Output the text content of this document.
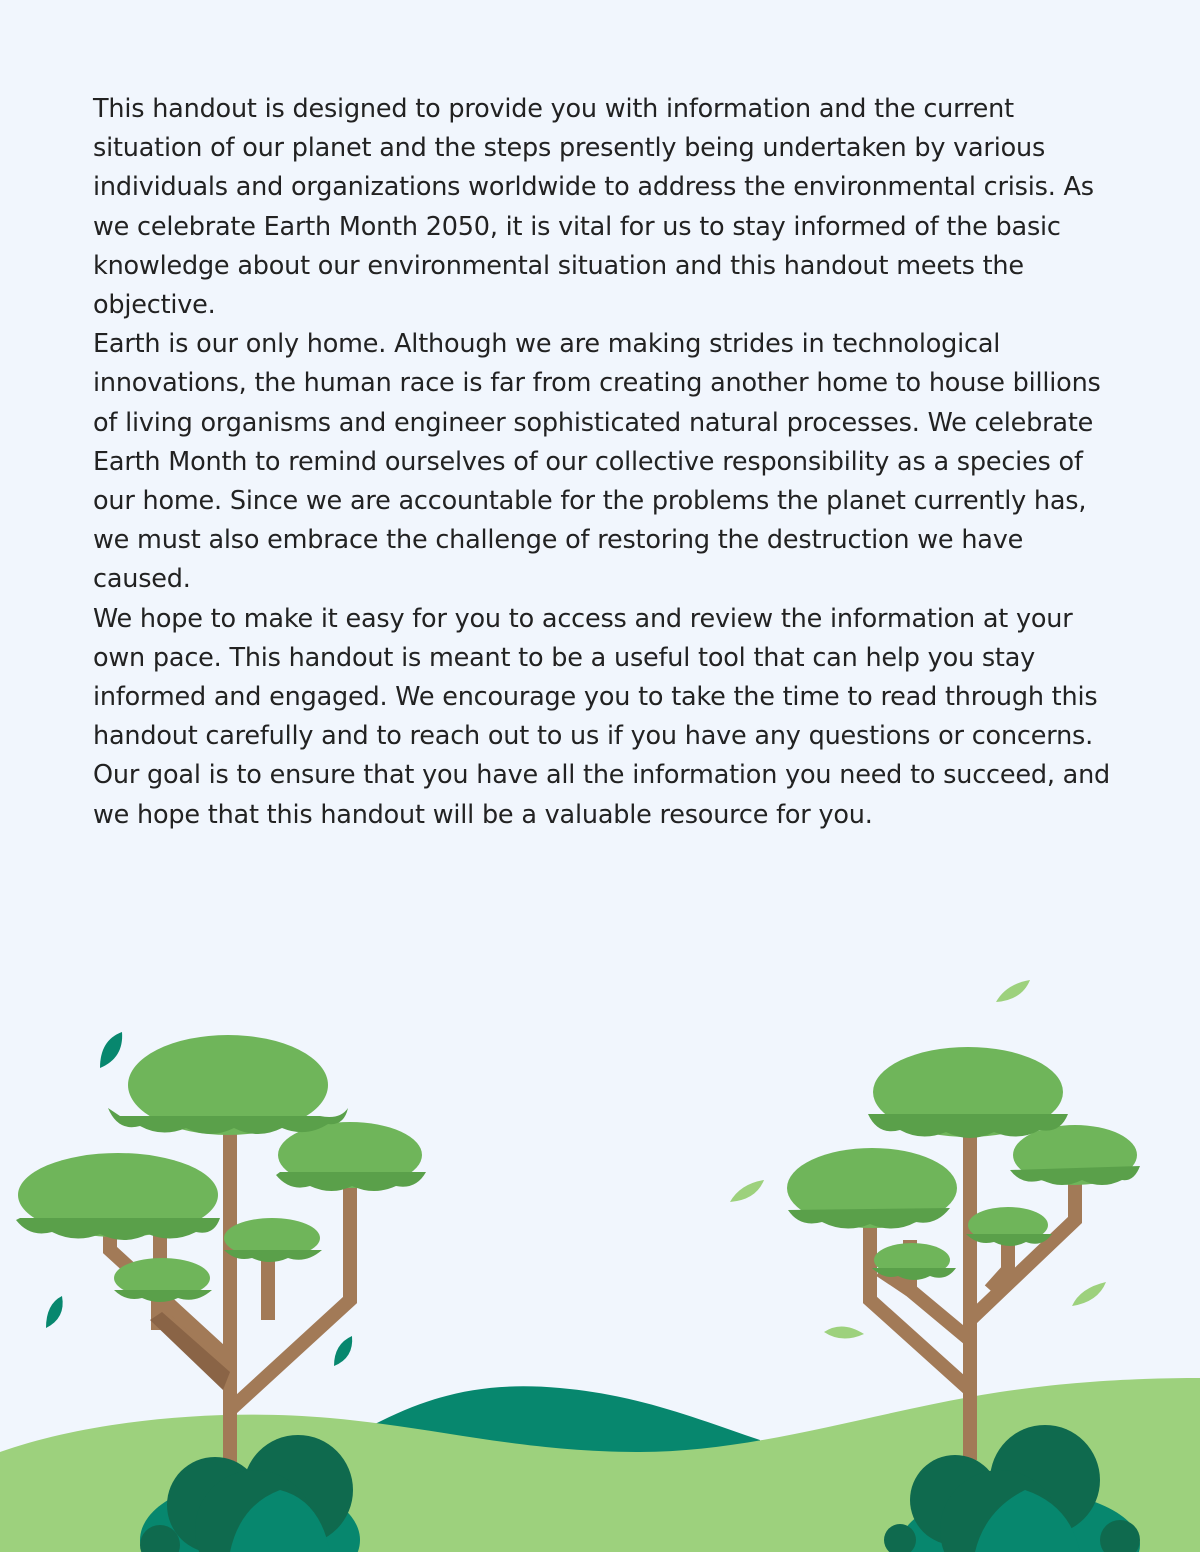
This handout is designed to provide you with information and the current situation of our planet and the steps presently being undertaken by various individuals and organizations worldwide to address the environmental crisis. As we celebrate Earth Month 2050, it is vital for us to stay informed of the basic knowledge about our environmental situation and this handout meets the objective.

Earth is our only home. Although we are making strides in technological innovations, the human race is far from creating another home to house billions of living organisms and engineer sophisticated natural processes. We celebrate Earth Month to remind ourselves of our collective responsibility as a species of our home. Since we are accountable for the problems the planet currently has, we must also embrace the challenge of restoring the destruction we have caused.

We hope to make it easy for you to access and review the information at your own pace. This handout is meant to be a useful tool that can help you stay informed and engaged. We encourage you to take the time to read through this handout carefully and to reach out to us if you have any questions or concerns. Our goal is to ensure that you have all the information you need to succeed, and we hope that this handout will be a valuable resource for you.
